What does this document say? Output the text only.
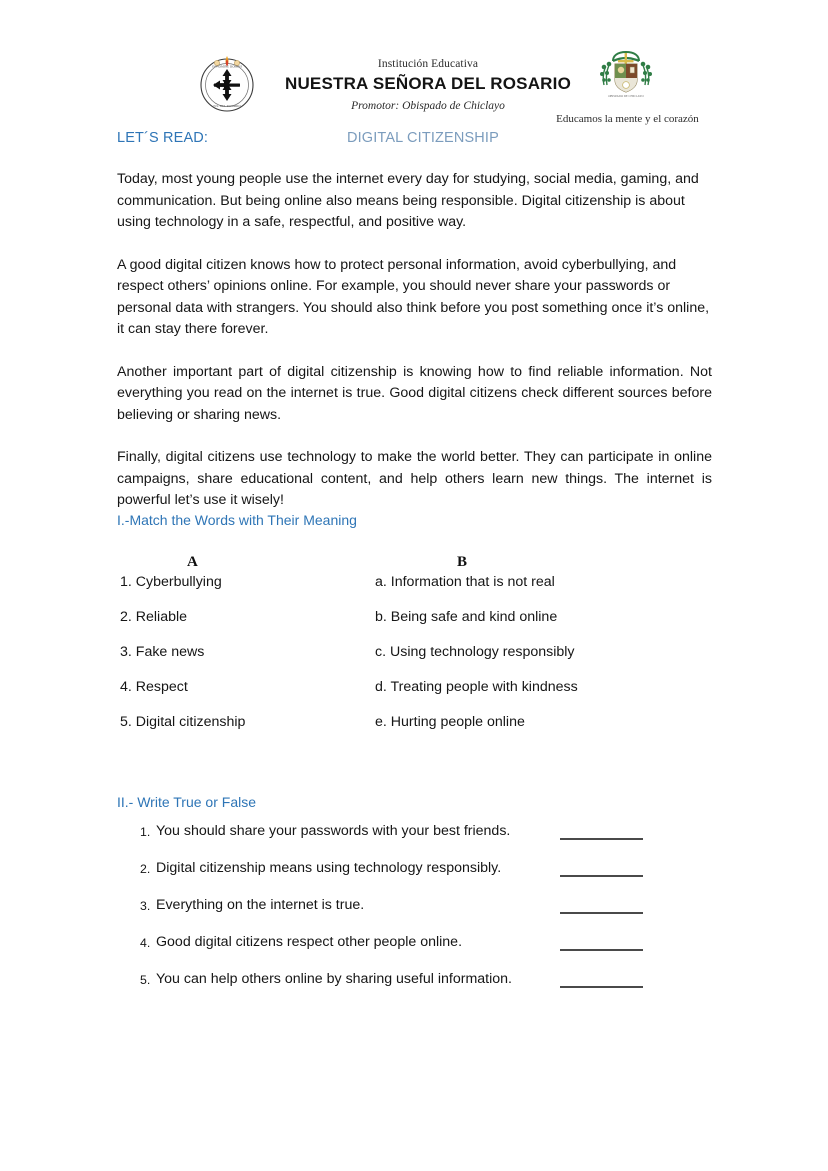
IN NOMINE DOMINI
N.S. DEL ROSARIO
Institución Educativa
NUESTRA SEÑORA DEL ROSARIO
Promotor: Obispado de Chiclayo
OBISPADO DE CHICLAYO
Educamos la mente y el corazón
LET´S READ:	DIGITAL CITIZENSHIP

Today, most young people use the internet every day for studying, social media, gaming, and communication. But being online also means being responsible. Digital citizenship is about using technology in a safe, respectful, and positive way.

A good digital citizen knows how to protect personal information, avoid cyberbullying, and respect others’ opinions online. For example, you should never share your passwords or personal data with strangers. You should also think before you post something once it’s online, it can stay there forever.

Another important part of digital citizenship is knowing how to find reliable information. Not everything you read on the internet is true. Good digital citizens check different sources before believing or sharing news.

Finally, digital citizens use technology to make the world better. They can participate in online campaigns, share educational content, and help others learn new things. The internet is powerful let’s use it wisely!

I.-Match the Words with Their Meaning
A	B
1. Cyberbullying	a. Information that is not real
2. Reliable	b. Being safe and kind online
3. Fake news	c. Using technology responsibly
4. Respect	d. Treating people with kindness
5. Digital citizenship	e. Hurting people online
II.- Write True or False
1. You should share your passwords with your best friends.
2. Digital citizenship means using technology responsibly.
3. Everything on the internet is true.
4. Good digital citizens respect other people online.
5. You can help others online by sharing useful information.
